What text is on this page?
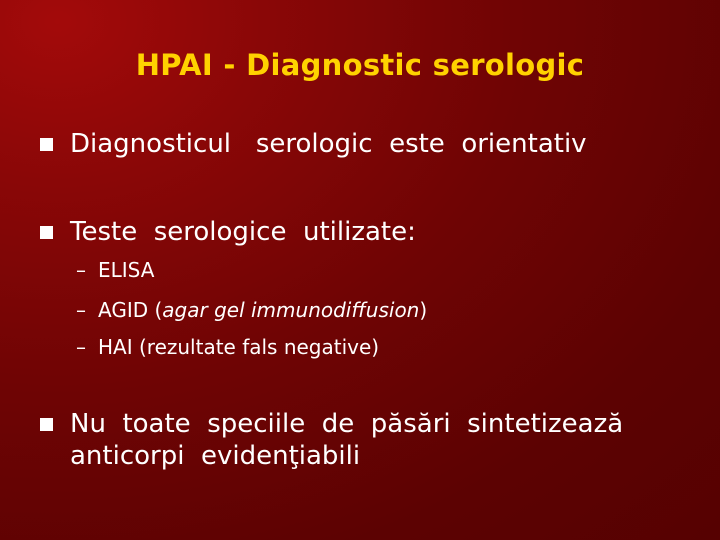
HPAI - Diagnostic serologic
Diagnosticul   serologic  este  orientativ
Teste  serologice  utilizate:
– ELISA
– AGID (agar gel immunodiffusion)
– HAI (rezultate fals negative)
Nu  toate  speciile  de  păsări  sintetizează
anticorpi  evidenţiabili
